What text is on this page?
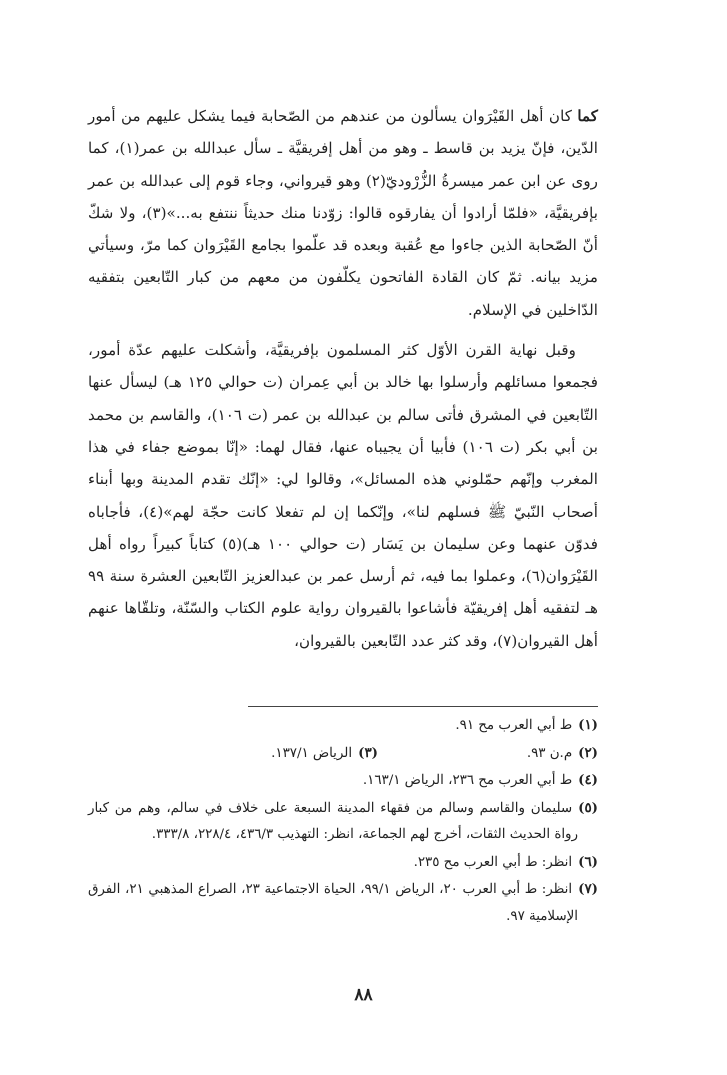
كما كان أهل القَيْرَوان يسألون من عندهم من الصّحابة فيما يشكل عليهم من أمور الدّين، فإنّ يزيد بن قاسط ـ وهو من أهل إفريقيَّة ـ سأل عبدالله بن عمر(١)، كما روى عن ابن عمر ميسرةُ الزُّرْوديّ(٢) وهو قيرواني، وجاء قوم إلى عبدالله بن عمر بإفريقيَّة، «فلمّا أرادوا أن يفارقوه قالوا: زوّدنا منك حديثاً ننتفع به...»(٣)، ولا شكّ أنّ الصّحابة الذين جاءوا مع عُقبة وبعده قد علّموا بجامع القَيْرَوان كما مرّ، وسيأتي مزيد بيانه. ثمّ كان القادة الفاتحون يكلّفون من معهم من كبار التّابعين بتفقيه الدّاخلين في الإسلام.

وقبل نهاية القرن الأوّل كثر المسلمون بإفريقيَّة، وأشكلت عليهم عدّة أمور، فجمعوا مسائلهم وأرسلوا بها خالد بن أبي عِمران (ت حوالي ١٢٥ هـ) ليسأل عنها التّابعين في المشرق فأتى سالم بن عبدالله بن عمر (ت ١٠٦)، والقاسم بن محمد بن أبي بكر (ت ١٠٦) فأبيا أن يجيباه عنها، فقال لهما: «إنّا بموضع جفاء في هذا المغرب وإنّهم حمّلوني هذه المسائل»، وقالوا لي: «إنّك تقدم المدينة وبها أبناء أصحاب النّبيّ ﷺ فسلهم لنا»، وإنّكما إن لم تفعلا كانت حجّة لهم»(٤)، فأجاباه فدوّن عنهما وعن سليمان بن يَسَار (ت حوالي ١٠٠ هـ)(٥) كتاباً كبيراً رواه أهل القَيْرَوان(٦)، وعملوا بما فيه، ثم أرسل عمر بن عبدالعزيز التّابعين العشرة سنة ٩٩ هـ لتفقيه أهل إفريقيّة فأشاعوا بالقيروان رواية علوم الكتاب والسّنّة، وتلقّاها عنهم أهل القيروان(٧)، وقد كثر عدد التّابعين بالقيروان،

(١)ط أبي العرب مح ٩١.

(٢)م.ن ٩٣.

(٣)الرياض ١٣٧/١.

(٤)ط أبي العرب مح ٢٣٦، الرياض ١٦٣/١.

(٥)سليمان والقاسم وسالم من فقهاء المدينة السبعة على خلاف في سالم، وهم من كبار رواة الحديث الثقات، أخرج لهم الجماعة، انظر: التهذيب ٤٣٦/٣، ٢٢٨/٤، ٣٣٣/٨.

(٦)انظر: ط أبي العرب مح ٢٣٥.

(٧)انظر: ط أبي العرب ٢٠، الرياض ٩٩/١، الحياة الاجتماعية ٢٣، الصراع المذهبي ٢١، الفرق الإسلامية ٩٧.

٨٨
